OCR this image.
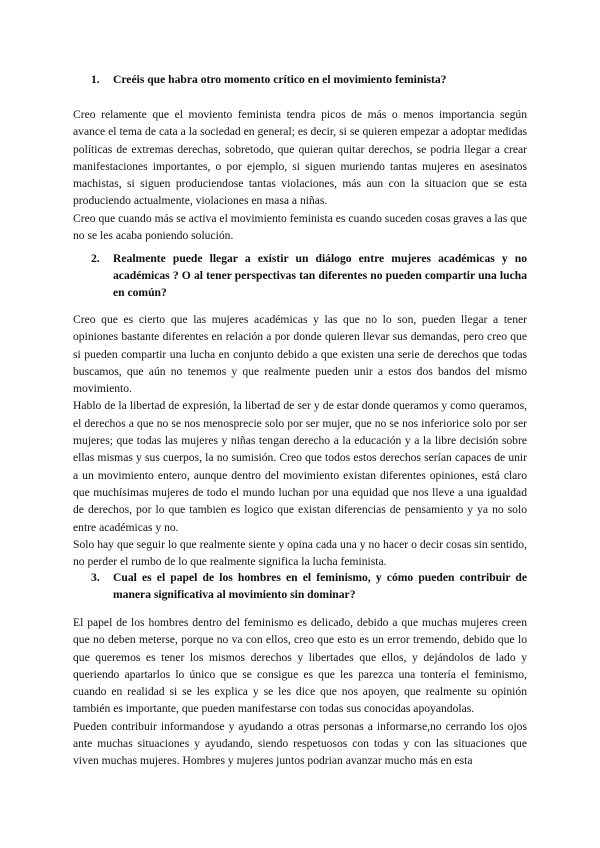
1.	Creéis que habra otro momento crítico en el movimiento feminista?

Creo relamente que el moviento feminista tendra picos de más o menos importancia según avance el tema de cata a la sociedad en general; es decir, si se quieren empezar a adoptar medidas políticas de extremas derechas, sobretodo, que quieran quitar derechos, se podria llegar a crear manifestaciones importantes, o por ejemplo, si siguen muriendo tantas mujeres en asesinatos machistas, si siguen produciendose tantas violaciones, más aun con la situacion que se esta produciendo actualmente, violaciones en masa a niñas.

Creo que cuando más se activa el movimiento feminista es cuando suceden cosas graves a las que no se les acaba poniendo solución.

2.	Realmente puede llegar a existir un diálogo entre mujeres académicas y no académicas ? O al tener perspectivas tan diferentes no pueden compartir una lucha en común?

Creo que es cierto que las mujeres académicas y las que no lo son, pueden llegar a tener opiniones bastante diferentes en relación a por donde quieren llevar sus demandas, pero creo que si pueden compartir una lucha en conjunto debido a que existen una serie de derechos que todas buscamos, que aún no tenemos y que realmente pueden unir a estos dos bandos del mismo movimiento.

Hablo de la libertad de expresión, la libertad de ser y de estar donde queramos y como queramos, el derechos a que no se nos menosprecie solo por ser mujer, que no se nos inferiorice solo por ser mujeres; que todas las mujeres y niñas tengan derecho a la educación y a la libre decisión sobre ellas mismas y sus cuerpos, la no sumisión. Creo que todos estos derechos serían capaces de unir a un movimiento entero, aunque dentro del movimiento existan diferentes opiniones, está claro que muchísimas mujeres de todo el mundo luchan por una equidad que nos lleve a una igualdad de derechos, por lo que tambien es logico que existan diferencias de pensamiento y ya no solo entre académicas y no.

Solo hay que seguir lo que realmente siente y opina cada una y no hacer o decir cosas sin sentido, no perder el rumbo de lo que realmente significa la lucha feminista.

3.	Cual es el papel de los hombres en el feminismo, y cómo pueden contribuir de manera significativa al movimiento sin dominar?

El papel de los hombres dentro del feminismo es delicado, debido a que muchas mujeres creen que no deben meterse, porque no va con ellos, creo que esto es un error tremendo, debido que lo que queremos es tener los mismos derechos y libertades que ellos, y dejándolos de lado y queriendo apartarlos lo único que se consigue es que les parezca una tontería el feminismo, cuando en realidad si se les explica y se les dice que nos apoyen, que realmente su opinión también es importante, que pueden manifestarse con todas sus conocidas apoyandolas.

Pueden contribuir informandose y ayudando a otras personas a informarse,no cerrando los ojos ante muchas situaciones y ayudando, siendo respetuosos con todas y con las situaciones que viven muchas mujeres. Hombres y mujeres juntos podrian avanzar mucho más en esta
